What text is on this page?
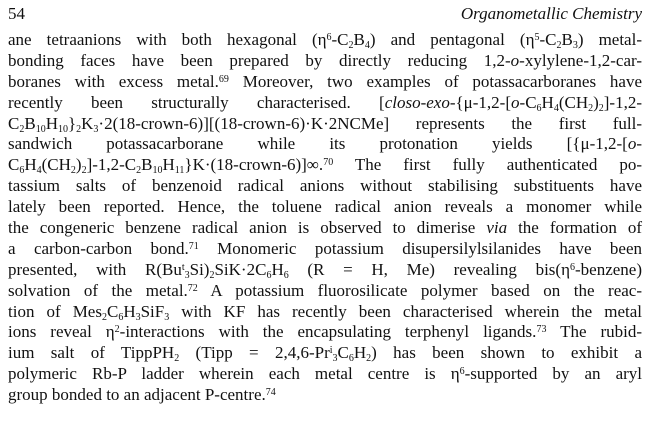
54	Organometallic Chemistry
ane tetraanions with both hexagonal $(\eta^6-C_2B_4)$ and pentagonal $(\eta^5-C_2B_3)$ metal-
bonding faces have been prepared by directly reducing 1,2-o-xylylene-1,2-car-
boranes with excess metal.$^{69}$ Moreover, two examples of potassacarboranes have
recently been structurally characterised. [$closo-exo-\{\mu-1,2-[o-C_6H_4(CH_2)_2]-1,2-$
$C_2B_{10}H_{10}\}_2K_3\cdot 2(18-crown-6)][(18-crown-6)\cdot K\cdot 2NCMe]$ represents the first full-
sandwich potassacarborane while its protonation yields [{μ-1,2-[o-
$C_6H_4(CH_2)_2]-1,2-C_2B_{10}H_{11}\}K\cdot(18-crown-6)]\infty.^{70}$ The first fully authenticated po-
tassium salts of benzenoid radical anions without stabilising substituents have
lately been reported. Hence, the toluene radical anion reveals a monomer while
the congeneric benzene radical anion is observed to dimerise via the formation of
a carbon-carbon bond.$^{71}$ Monomeric potassium disupersilylsilanides have been
presented, with $R(Bu^t_3Si)_2SiK\cdot 2C_6H_6$ (R = H, Me) revealing $bis(\eta^6-benzene)$
solvation of the metal.$^{72}$ A potassium fluorosilicate polymer based on the reac-
tion of $Mes_2C_6H_3SiF_3$ with KF has recently been characterised wherein the metal
ions reveal $\eta^2$-interactions with the encapsulating terphenyl ligands.$^{73}$ The rubid-
ium salt of TippPH$_2$ (Tipp = $2,4,6-Pr^i_3C_6H_2$) has been shown to exhibit a
polymeric Rb-P ladder wherein each metal centre is $\eta^6$-supported by an aryl
group bonded to an adjacent P-centre.$^{74}$
